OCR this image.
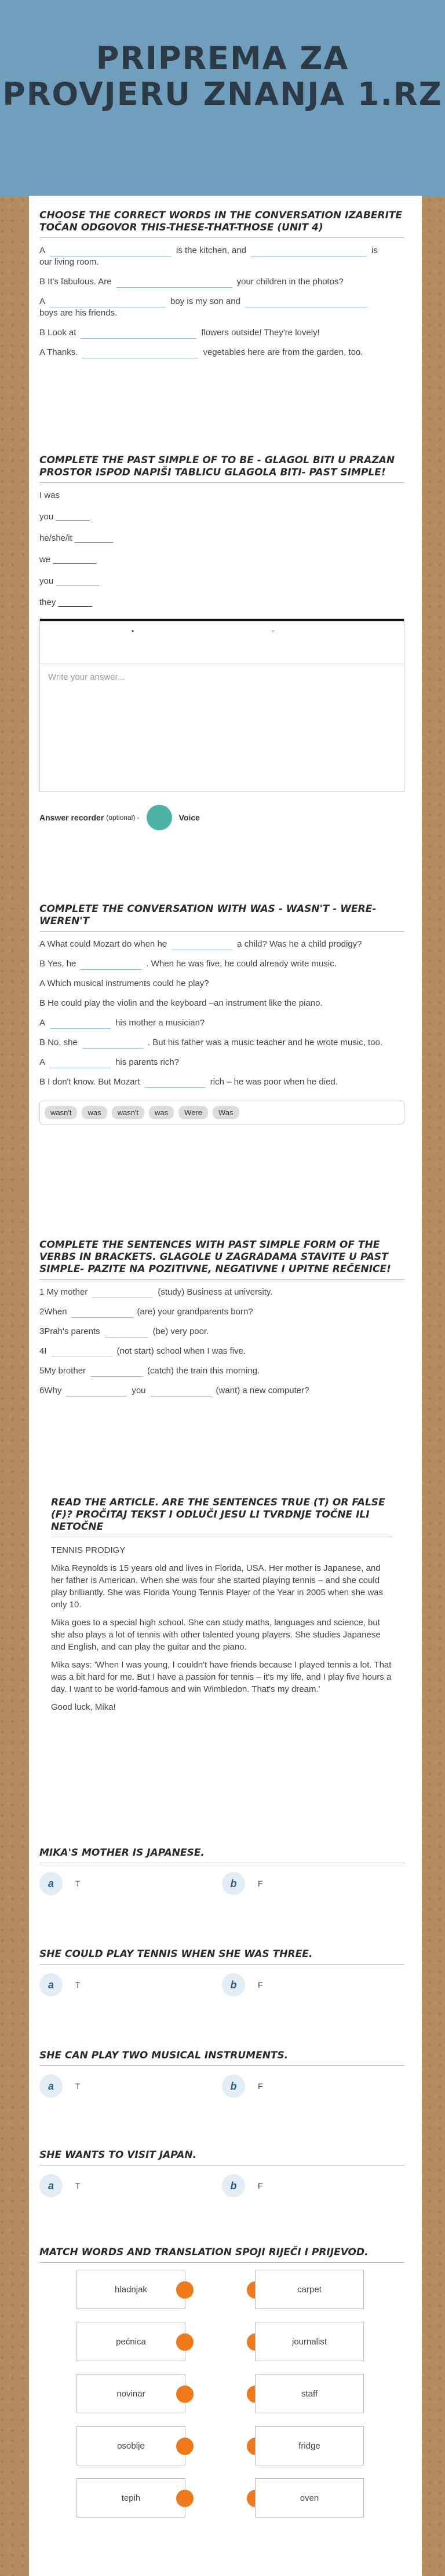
PRIPREMA ZA PROVJERU ZNANJA 1.RZ
CHOOSE THE CORRECT WORDS IN THE CONVERSATION IZABERITE TOČAN ODGOVOR THIS-THESE-THAT-THOSE (UNIT 4)
A	is the kitchen, and	is
our living room.
B It's fabulous. Are	your children in the photos?
A	boy is my son and
boys are his friends.
B Look at	flowers outside! They're lovely!
A Thanks.	vegetables here are from the garden, too.
COMPLETE THE PAST SIMPLE OF TO BE - GLAGOL BITI U PRAZAN PROSTOR ISPOD NAPIŠI TABLICU GLAGOLA BITI- PAST SIMPLE!
I was
you _______
he/she/it ________
we _________
you _________
they _______
•	▫
Write your answer...
Answer recorder (optional) -	Voice
COMPLETE THE CONVERSATION WITH WAS - WASN'T - WERE- WEREN'T
A What could Mozart do when he	a child? Was he a child prodigy?
B Yes, he	. When he was five, he could already write music.
A Which musical instruments could he play?
B He could play the violin and the keyboard –an instrument like the piano.
A	his mother a musician?
B No, she	. But his father was a music teacher and he wrote music, too.
A	his parents rich?
B I don't know. But Mozart	rich – he was poor when he died.
wasn't	was	wasn't	was	Were	Was
COMPLETE THE SENTENCES WITH PAST SIMPLE FORM OF THE VERBS IN BRACKETS. GLAGOLE U ZAGRADAMA STAVITE U PAST SIMPLE- PAZITE NA POZITIVNE, NEGATIVNE I UPITNE REČENICE!
1 My mother	(study) Business at university.
2When	(are) your grandparents born?
3Prah's parents	(be) very poor.
4I	(not start) school when I was five.
5My brother	(catch) the train this morning.
6Why	you	(want) a new computer?
READ THE ARTICLE. ARE THE SENTENCES TRUE (T) OR FALSE (F)? PROČITAJ TEKST I ODLUČI JESU LI TVRDNJE TOČNE ILI NETOČNE

TENNIS PRODIGY

Mika Reynolds is 15 years old and lives in Florida, USA. Her mother is Japanese, and her father is American. When she was four she started playing tennis – and she could play brilliantly. She was Florida Young Tennis Player of the Year in 2005 when she was only 10.

Mika goes to a special high school. She can study maths, languages and science, but she also plays a lot of tennis with other talented young players. She studies Japanese and English, and can play the guitar and the piano.

Mika says: 'When I was young, I couldn't have friends because I played tennis a lot. That was a bit hard for me. But I have a passion for tennis – it's my life, and I play five hours a day. I want to be world-famous and win Wimbledon. That's my dream.'

Good luck, Mika!

MIKA'S MOTHER IS JAPANESE.
a	T	b	F
SHE COULD PLAY TENNIS WHEN SHE WAS THREE.
a	T	b	F
SHE CAN PLAY TWO MUSICAL INSTRUMENTS.
a	T	b	F
SHE WANTS TO VISIT JAPAN.
a	T	b	F
MATCH WORDS AND TRANSLATION SPOJI RIJEČI I PRIJEVOD.
hladnjak	carpet
pećnica	journalist
novinar	staff
osoblje	fridge
tepih	oven
